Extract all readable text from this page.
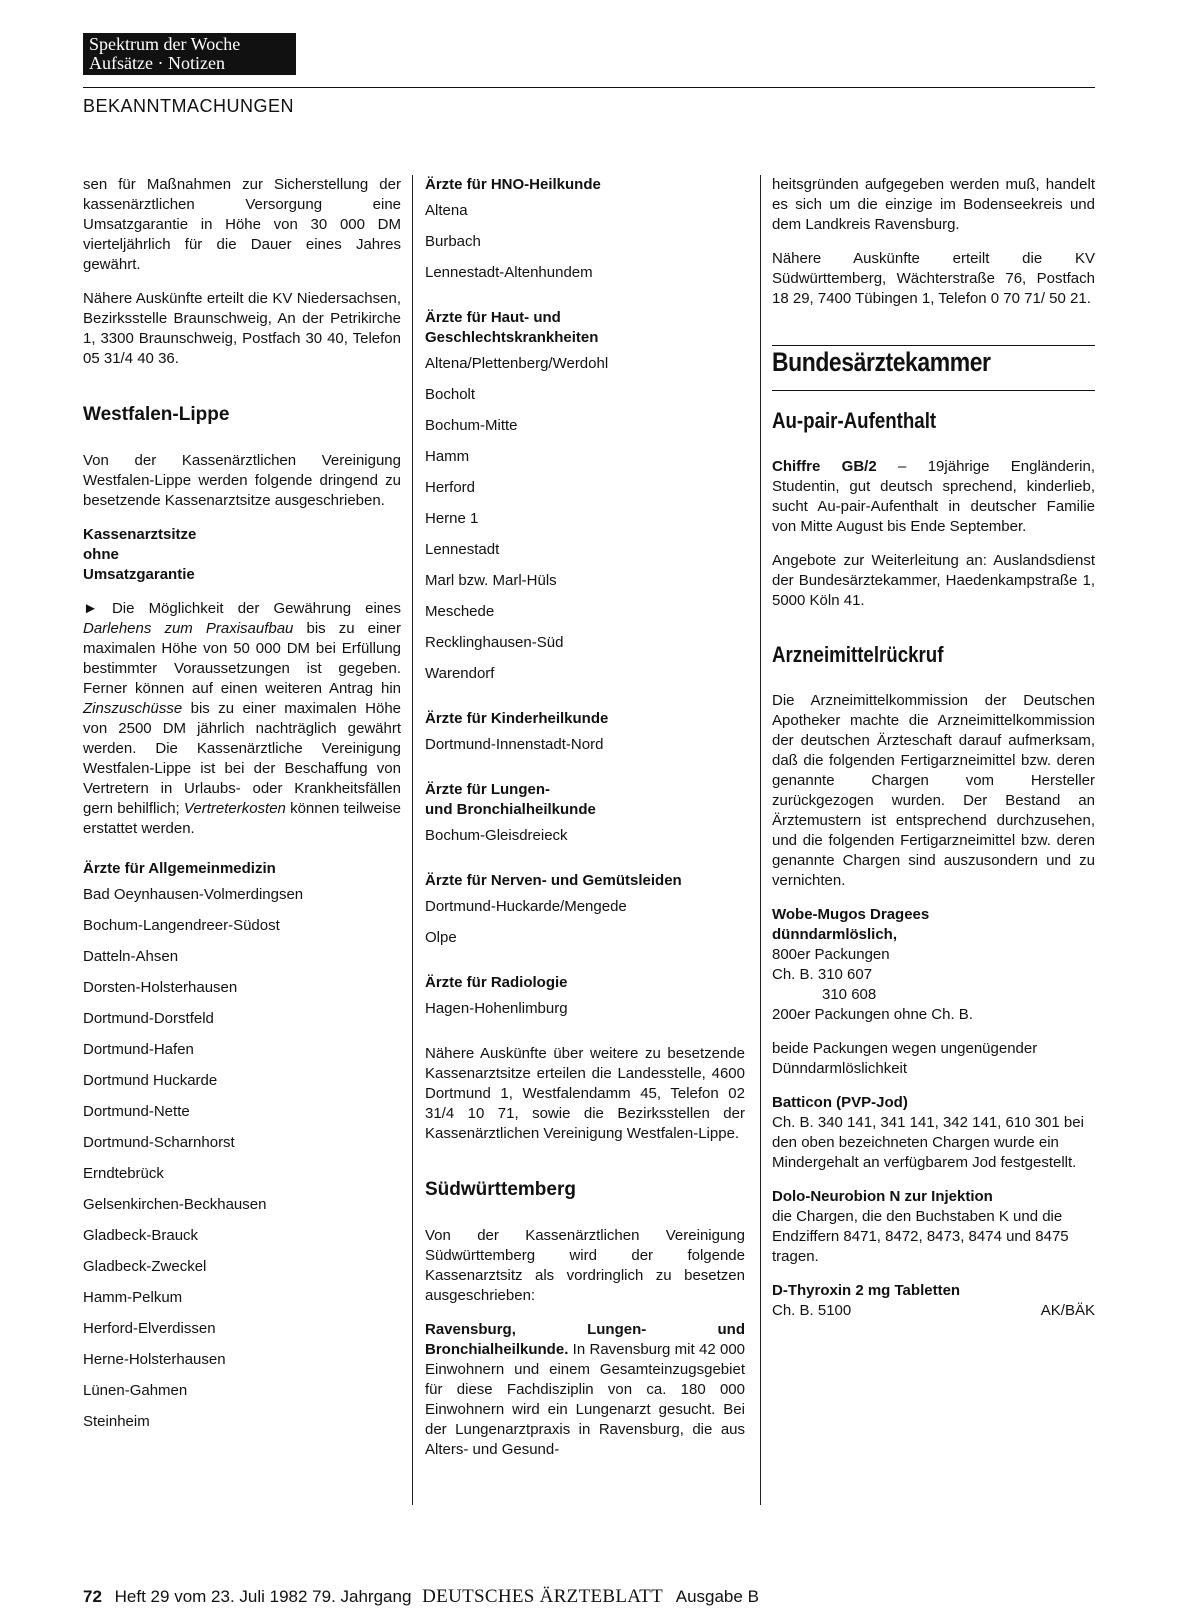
Spektrum der Woche
Aufsätze · Notizen
BEKANNTMACHUNGEN

sen für Maßnahmen zur Sicherstellung der kassenärztlichen Versorgung eine Umsatzgarantie in Höhe von 30 000 DM vierteljährlich für die Dauer eines Jahres gewährt.

Nähere Auskünfte erteilt die KV Niedersachsen, Bezirksstelle Braunschweig, An der Petrikirche 1, 3300 Braunschweig, Postfach 30 40, Telefon 05 31/4 40 36.

Westfalen-Lippe

Von der Kassenärztlichen Vereinigung Westfalen-Lippe werden folgende dringend zu besetzende Kassenarztsitze ausgeschrieben.

Kassenarztsitze
ohne
Umsatzgarantie

► Die Möglichkeit der Gewährung eines Darlehens zum Praxisaufbau bis zu einer maximalen Höhe von 50 000 DM bei Erfüllung bestimmter Voraussetzungen ist gegeben. Ferner können auf einen weiteren Antrag hin Zinszuschüsse bis zu einer maximalen Höhe von 2500 DM jährlich nachträglich gewährt werden. Die Kassenärztliche Vereinigung Westfalen-Lippe ist bei der Beschaffung von Vertretern in Urlaubs- oder Krankheitsfällen gern behilflich; Vertreterkosten können teilweise erstattet werden.

Ärzte für Allgemeinmedizin
Bad Oeynhausen-Volmerdingsen
Bochum-Langendreer-Südost
Datteln-Ahsen
Dorsten-Holsterhausen
Dortmund-Dorstfeld
Dortmund-Hafen
Dortmund Huckarde
Dortmund-Nette
Dortmund-Scharnhorst
Erndtebrück
Gelsenkirchen-Beckhausen
Gladbeck-Brauck
Gladbeck-Zweckel
Hamm-Pelkum
Herford-Elverdissen
Herne-Holsterhausen
Lünen-Gahmen
Steinheim
Ärzte für HNO-Heilkunde
Altena
Burbach
Lennestadt-Altenhundem
Ärzte für Haut- und Geschlechtskrankheiten
Altena/Plettenberg/Werdohl
Bocholt
Bochum-Mitte
Hamm
Herford
Herne 1
Lennestadt
Marl bzw. Marl-Hüls
Meschede
Recklinghausen-Süd
Warendorf
Ärzte für Kinderheilkunde
Dortmund-Innenstadt-Nord
Ärzte für Lungen-
und Bronchialheilkunde
Bochum-Gleisdreieck
Ärzte für Nerven- und Gemütsleiden
Dortmund-Huckarde/Mengede
Olpe
Ärzte für Radiologie
Hagen-Hohenlimburg

Nähere Auskünfte über weitere zu besetzende Kassenarztsitze erteilen die Landesstelle, 4600 Dortmund 1, Westfalendamm 45, Telefon 02 31/4 10 71, sowie die Bezirksstellen der Kassenärztlichen Vereinigung Westfalen-Lippe.

Südwürttemberg

Von der Kassenärztlichen Vereinigung Südwürttemberg wird der folgende Kassenarztsitz als vordringlich zu besetzen ausgeschrieben:

Ravensburg, Lungen- und Bronchialheilkunde. In Ravensburg mit 42 000 Einwohnern und einem Gesamteinzugsgebiet für diese Fachdisziplin von ca. 180 000 Einwohnern wird ein Lungenarzt gesucht. Bei der Lungenarztpraxis in Ravensburg, die aus Alters- und Gesund-

heitsgründen aufgegeben werden muß, handelt es sich um die einzige im Bodenseekreis und dem Landkreis Ravensburg.

Nähere Auskünfte erteilt die KV Südwürttemberg, Wächterstraße 76, Postfach 18 29, 7400 Tübingen 1, Telefon 0 70 71/ 50 21.

Bundesärztekammer
Au-pair-Aufenthalt

Chiffre GB/2 – 19jährige Engländerin, Studentin, gut deutsch sprechend, kinderlieb, sucht Au-pair-Aufenthalt in deutscher Familie von Mitte August bis Ende September.

Angebote zur Weiterleitung an: Auslandsdienst der Bundesärztekammer, Haedenkampstraße 1, 5000 Köln 41.

Arzneimittelrückruf

Die Arzneimittelkommission der Deutschen Apotheker machte die Arzneimittelkommission der deutschen Ärzteschaft darauf aufmerksam, daß die folgenden Fertigarzneimittel bzw. deren genannte Chargen vom Hersteller zurückgezogen wurden. Der Bestand an Ärztemustern ist entsprechend durchzusehen, und die folgenden Fertigarzneimittel bzw. deren genannte Chargen sind auszusondern und zu vernichten.

Wobe-Mugos Dragees
dünndarmlöslich,
800er Packungen
Ch. B. 310 607
310 608
200er Packungen ohne Ch. B.

beide Packungen wegen ungenügender Dünndarmlöslichkeit

Batticon (PVP-Jod)

Ch. B. 340 141, 341 141, 342 141, 610 301 bei den oben bezeichneten Chargen wurde ein Mindergehalt an verfügbarem Jod festgestellt.

Dolo-Neurobion N zur Injektion

die Chargen, die den Buchstaben K und die Endziffern 8471, 8472, 8473, 8474 und 8475 tragen.

D-Thyroxin 2 mg Tabletten
Ch. B. 5100	AK/BÄK
72 Heft 29 vom 23. Juli 1982 79. Jahrgang DEUTSCHES ÄRZTEBLATT Ausgabe B
